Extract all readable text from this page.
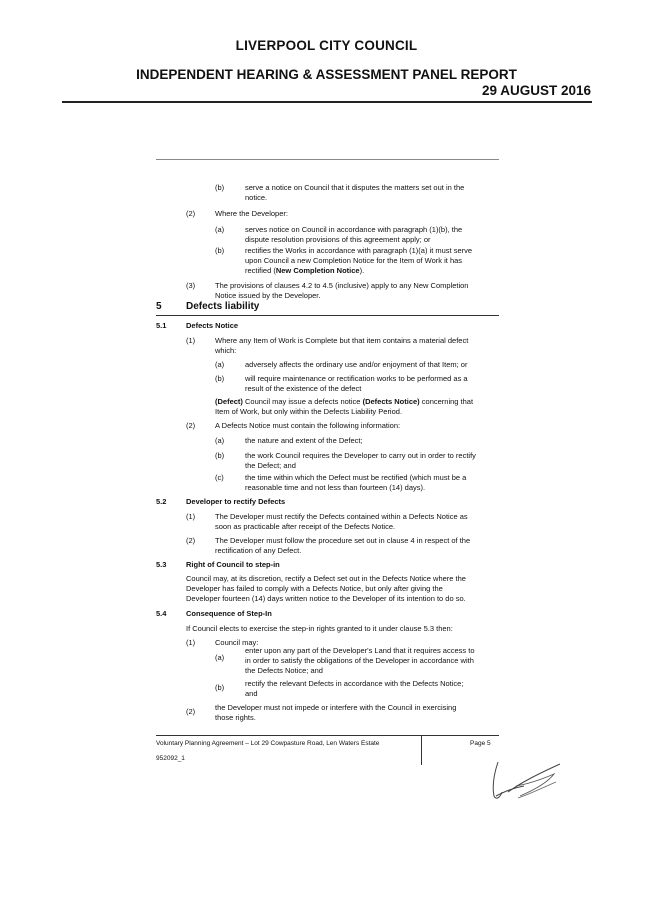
LIVERPOOL CITY COUNCIL
INDEPENDENT HEARING & ASSESSMENT PANEL REPORT
29 AUGUST 2016
(b)	serve a notice on Council that it disputes the matters set out in the
notice.
(2)	Where the Developer:
(a)	serves notice on Council in accordance with paragraph (1)(b), the
dispute resolution provisions of this agreement apply; or
(b)	rectifies the Works in accordance with paragraph (1)(a) it must serve
upon Council a new Completion Notice for the Item of Work it has
rectified (New Completion Notice).
(3)	The provisions of clauses 4.2 to 4.5 (inclusive) apply to any New Completion
Notice issued by the Developer.
5 Defects liability
5.1	Defects Notice
(1)	Where any Item of Work is Complete but that item contains a material defect
which:
(a)	adversely affects the ordinary use and/or enjoyment of that Item; or
(b)	will require maintenance or rectification works to be performed as a
result of the existence of the defect
(Defect) Council may issue a defects notice (Defects Notice) concerning that
Item of Work, but only within the Defects Liability Period.
(2)	A Defects Notice must contain the following information:
(a)	the nature and extent of the Defect;
(b)	the work Council requires the Developer to carry out in order to rectify
the Defect; and
(c)	the time within which the Defect must be rectified (which must be a
reasonable time and not less than fourteen (14) days).
5.2	Developer to rectify Defects
(1)	The Developer must rectify the Defects contained within a Defects Notice as
soon as practicable after receipt of the Defects Notice.
(2)	The Developer must follow the procedure set out in clause 4 in respect of the
rectification of any Defect.
5.3	Right of Council to step-in
Council may, at its discretion, rectify a Defect set out in the Defects Notice where the
Developer has failed to comply with a Defects Notice, but only after giving the
Developer fourteen (14) days written notice to the Developer of its intention to do so.
5.4	Consequence of Step-In
If Council elects to exercise the step-in rights granted to it under clause 5.3 then:
(1)	Council may:
(a)
enter upon any part of the Developer's Land that it requires access to
in order to satisfy the obligations of the Developer in accordance with
the Defects Notice; and
(b)	rectify the relevant Defects in accordance with the Defects Notice;
and
(2)	the Developer must not impede or interfere with the Council in exercising
those rights.
Voluntary Planning Agreement – Lot 29 Cowpasture Road, Len Waters Estate
952092_1
Page 5
